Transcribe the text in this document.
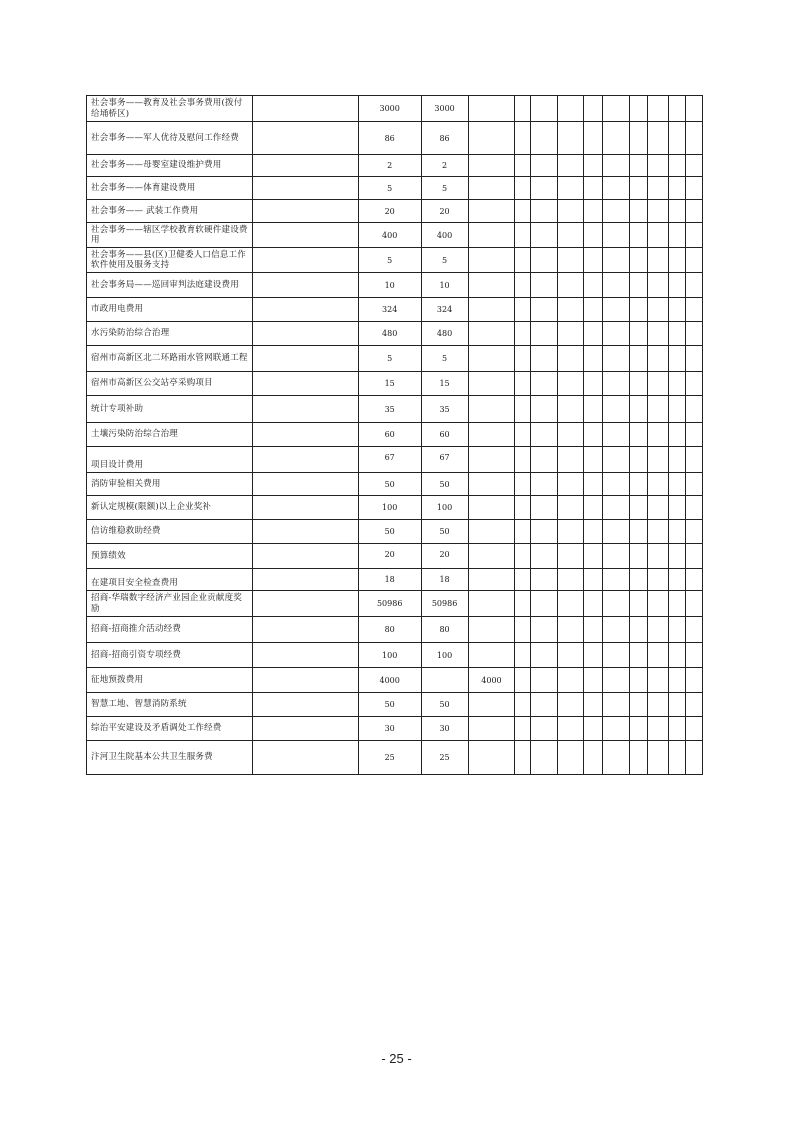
社会事务——教育及社会事务费用(拨付给埇桥区)		3000	3000										
社会事务——军人优待及慰问工作经费		86	86										
社会事务——母婴室建设维护费用		2	2										
社会事务——体育建设费用		5	5										
社会事务—— 武装工作费用		20	20										
社会事务——辖区学校教育软硬件建设费用		400	400										
社会事务——县(区)卫健委人口信息工作软件使用及服务支持		5	5										
社会事务局——巡回审判法庭建设费用		10	10										
市政用电费用		324	324										
水污染防治综合治理		480	480										
宿州市高新区北二环路雨水管网联通工程		5	5										
宿州市高新区公交站亭采购项目		15	15										
统计专项补助		35	35										
土壤污染防治综合治理		60	60										
项目设计费用		67	67										
消防审验相关费用		50	50										
新认定规模(限额)以上企业奖补		100	100										
信访维稳救助经费		50	50										
预算绩效		20	20										
在建项目安全检查费用		18	18										
招商-华瑞数字经济产业园企业贡献度奖励		50986	50986										
招商-招商推介活动经费		80	80										
招商-招商引资专项经费		100	100										
征地预拨费用		4000		4000									
智慧工地、智慧消防系统		50	50										
综治平安建设及矛盾调处工作经费		30	30										
汴河卫生院基本公共卫生服务费		25	25										
- 25 -
